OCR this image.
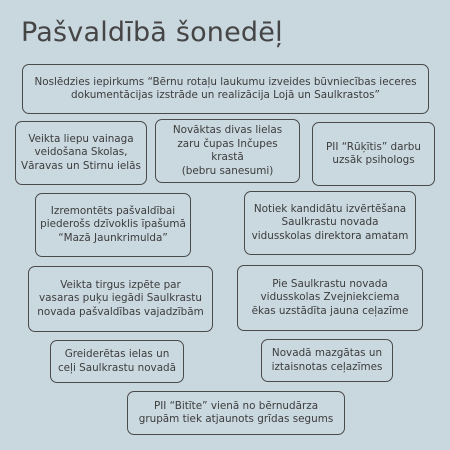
Pašvaldībā šonedēļ
Noslēdzies iepirkums “Bērnu rotaļu laukumu izveides būvniecības ieceres
dokumentācijas izstrāde un realizācija Lojā un Saulkrastos”
Veikta liepu vainaga
veidošana Skolas,
Vāravas un Stirnu ielās
Novāktas divas lielas
zaru čupas Inčupes krastā
(bebru sanesumi)
PII “Rūķītis” darbu
uzsāk psihologs
Izremontēts pašvaldībai
piederošs dzīvoklis īpašumā
“Mazā Jaunkrimulda”
Notiek kandidātu izvērtēšana
Saulkrastu novada
vidusskolas direktora amatam
Veikta tirgus izpēte par
vasaras puķu iegādi Saulkrastu
novada pašvaldības vajadzībām
Pie Saulkrastu novada
vidusskolas Zvejniekciema
ēkas uzstādīta jauna ceļazīme
Greiderētas ielas un
ceļi Saulkrastu novadā
Novadā mazgātas un
iztaisnotas ceļazīmes
PII “Bitīte” vienā no bērnudārza
grupām tiek atjaunots grīdas segums
